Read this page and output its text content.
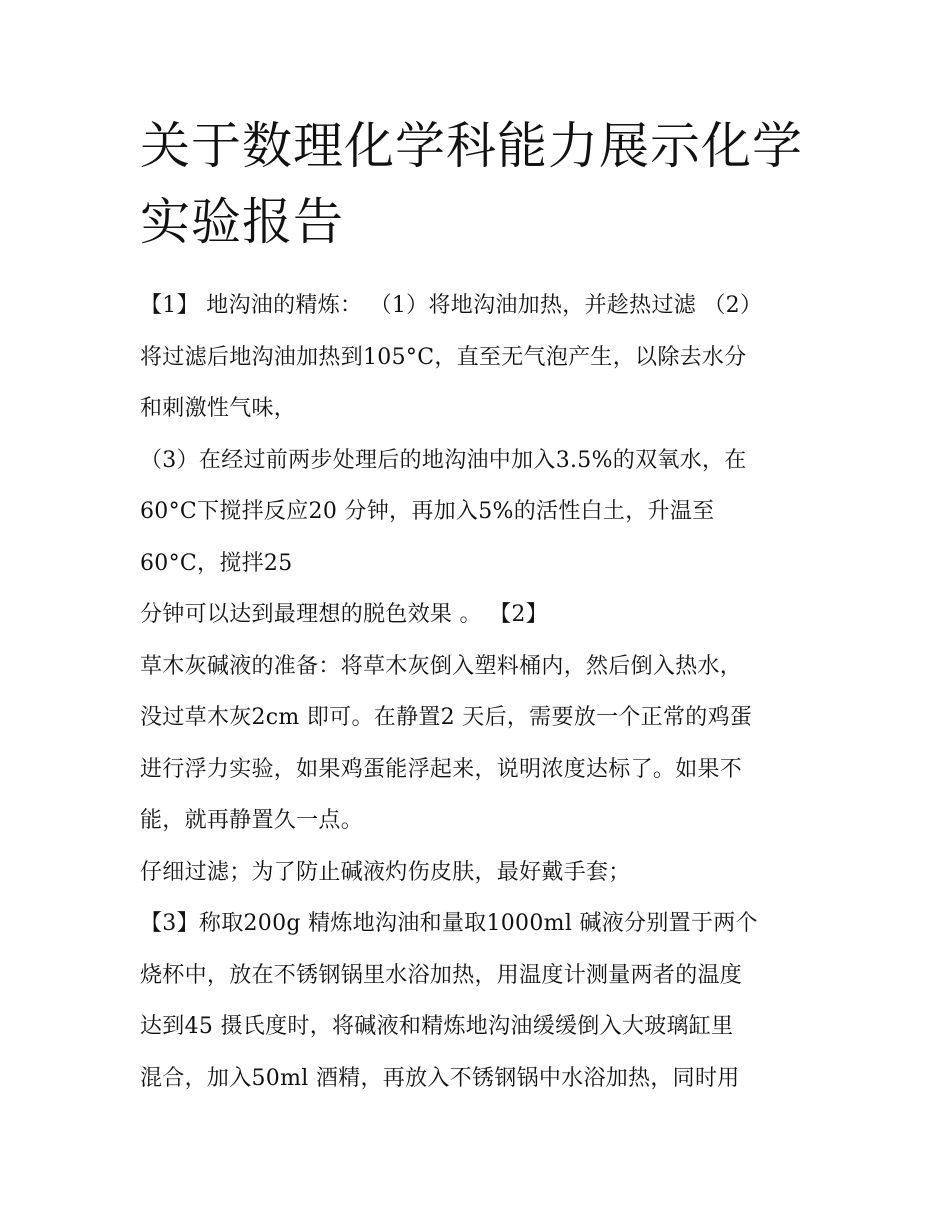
关于数理化学科能力展示化学
实验报告
【1】 地沟油的精炼： （1）将地沟油加热，并趁热过滤 （2）
将过滤后地沟油加热到105°C，直至无气泡产生，以除去水分
和刺激性气味，
（3）在经过前两步处理后的地沟油中加入3.5%的双氧水，在
60°C下搅拌反应20 分钟，再加入5%的活性白土，升温至
60°C，搅拌25
分钟可以达到最理想的脱色效果 。 【2】
草木灰碱液的准备：将草木灰倒入塑料桶内，然后倒入热水，
没过草木灰2cm 即可。在静置2 天后，需要放一个正常的鸡蛋
进行浮力实验，如果鸡蛋能浮起来，说明浓度达标了。如果不
能，就再静置久一点。
仔细过滤；为了防止碱液灼伤皮肤，最好戴手套；
【3】称取200g 精炼地沟油和量取1000ml 碱液分别置于两个
烧杯中，放在不锈钢锅里水浴加热，用温度计测量两者的温度
达到45 摄氏度时，将碱液和精炼地沟油缓缓倒入大玻璃缸里
混合，加入50ml 酒精，再放入不锈钢锅中水浴加热，同时用
